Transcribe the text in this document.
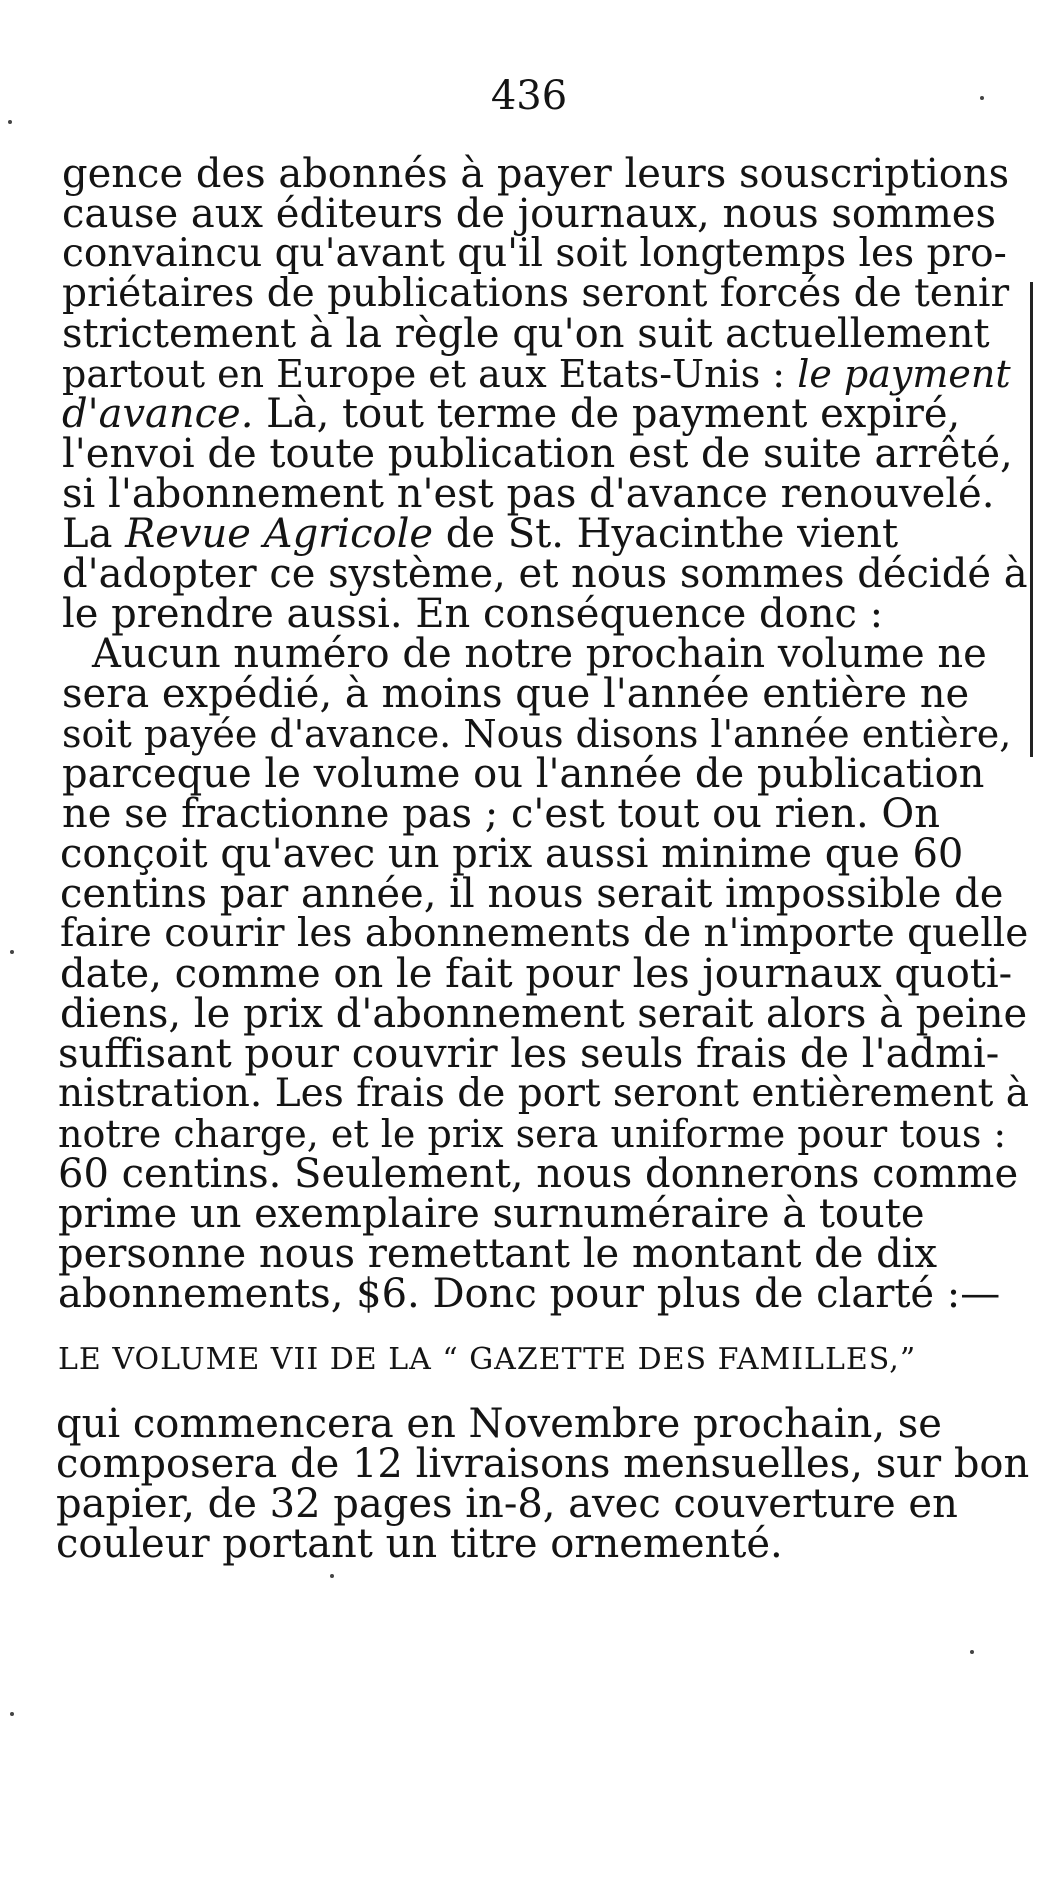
436
gence des abonnés à payer leurs souscriptions
cause aux éditeurs de journaux, nous sommes
convaincu qu'avant qu'il soit longtemps les pro-
priétaires de publications seront forcés de tenir
strictement à la règle qu'on suit actuellement
partout en Europe et aux Etats-Unis : le payment
d'avance. Là, tout terme de payment expiré,
l'envoi de toute publication est de suite arrêté,
si l'abonnement n'est pas d'avance renouvelé.
La Revue Agricole de St. Hyacinthe vient
d'adopter ce système, et nous sommes décidé à
le prendre aussi. En conséquence donc :
Aucun numéro de notre prochain volume ne
sera expédié, à moins que l'année entière ne
soit payée d'avance. Nous disons l'année entière,
parceque le volume ou l'année de publication
ne se fractionne pas ; c'est tout ou rien. On
conçoit qu'avec un prix aussi minime que 60
centins par année, il nous serait impossible de
faire courir les abonnements de n'importe quelle
date, comme on le fait pour les journaux quoti-
diens, le prix d'abonnement serait alors à peine
suffisant pour couvrir les seuls frais de l'admi-
nistration. Les frais de port seront entièrement à
notre charge, et le prix sera uniforme pour tous :
60 centins. Seulement, nous donnerons comme
prime un exemplaire surnuméraire à toute
personne nous remettant le montant de dix
abonnements, $6. Donc pour plus de clarté :—
LE VOLUME VII DE LA “ GAZETTE DES FAMILLES,”
qui commencera en Novembre prochain, se
composera de 12 livraisons mensuelles, sur bon
papier, de 32 pages in-8, avec couverture en
couleur portant un titre ornementé.
